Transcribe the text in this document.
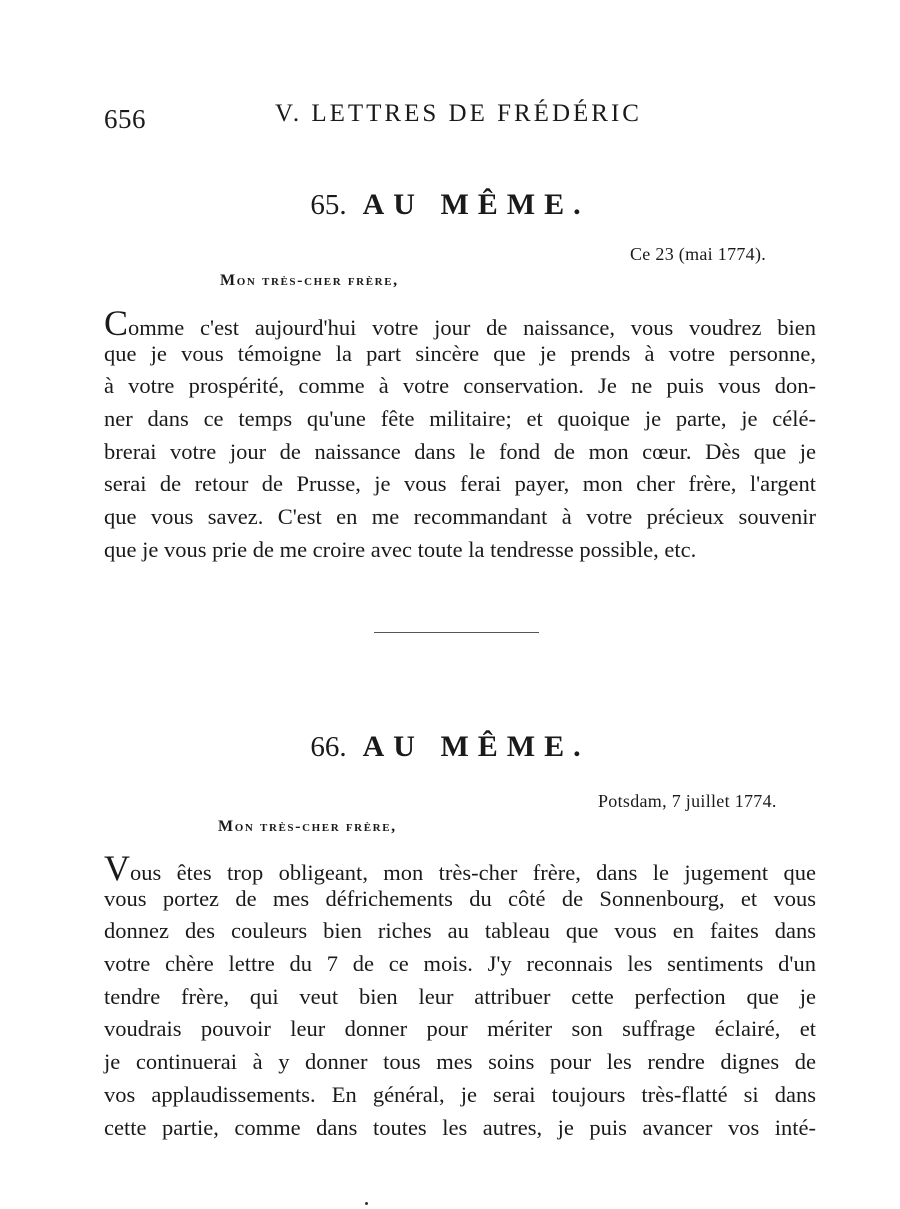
656	V. LETTRES DE FRÉDÉRIC
65. AU MÊME.
Ce 23 (mai 1774).
Mon très-cher frère,
Comme c'est aujourd'hui votre jour de naissance, vous voudrez bien
que je vous témoigne la part sincère que je prends à votre personne,
à votre prospérité, comme à votre conservation. Je ne puis vous don-
ner dans ce temps qu'une fête militaire; et quoique je parte, je célé-
brerai votre jour de naissance dans le fond de mon cœur. Dès que je
serai de retour de Prusse, je vous ferai payer, mon cher frère, l'argent
que vous savez. C'est en me recommandant à votre précieux souvenir
que je vous prie de me croire avec toute la tendresse possible, etc.
66. AU MÊME.
Potsdam, 7 juillet 1774.
Mon très-cher frère,
Vous êtes trop obligeant, mon très-cher frère, dans le jugement que
vous portez de mes défrichements du côté de Sonnenbourg, et vous
donnez des couleurs bien riches au tableau que vous en faites dans
votre chère lettre du 7 de ce mois. J'y reconnais les sentiments d'un
tendre frère, qui veut bien leur attribuer cette perfection que je
voudrais pouvoir leur donner pour mériter son suffrage éclairé, et
je continuerai à y donner tous mes soins pour les rendre dignes de
vos applaudissements. En général, je serai toujours très-flatté si dans
cette partie, comme dans toutes les autres, je puis avancer vos inté-
